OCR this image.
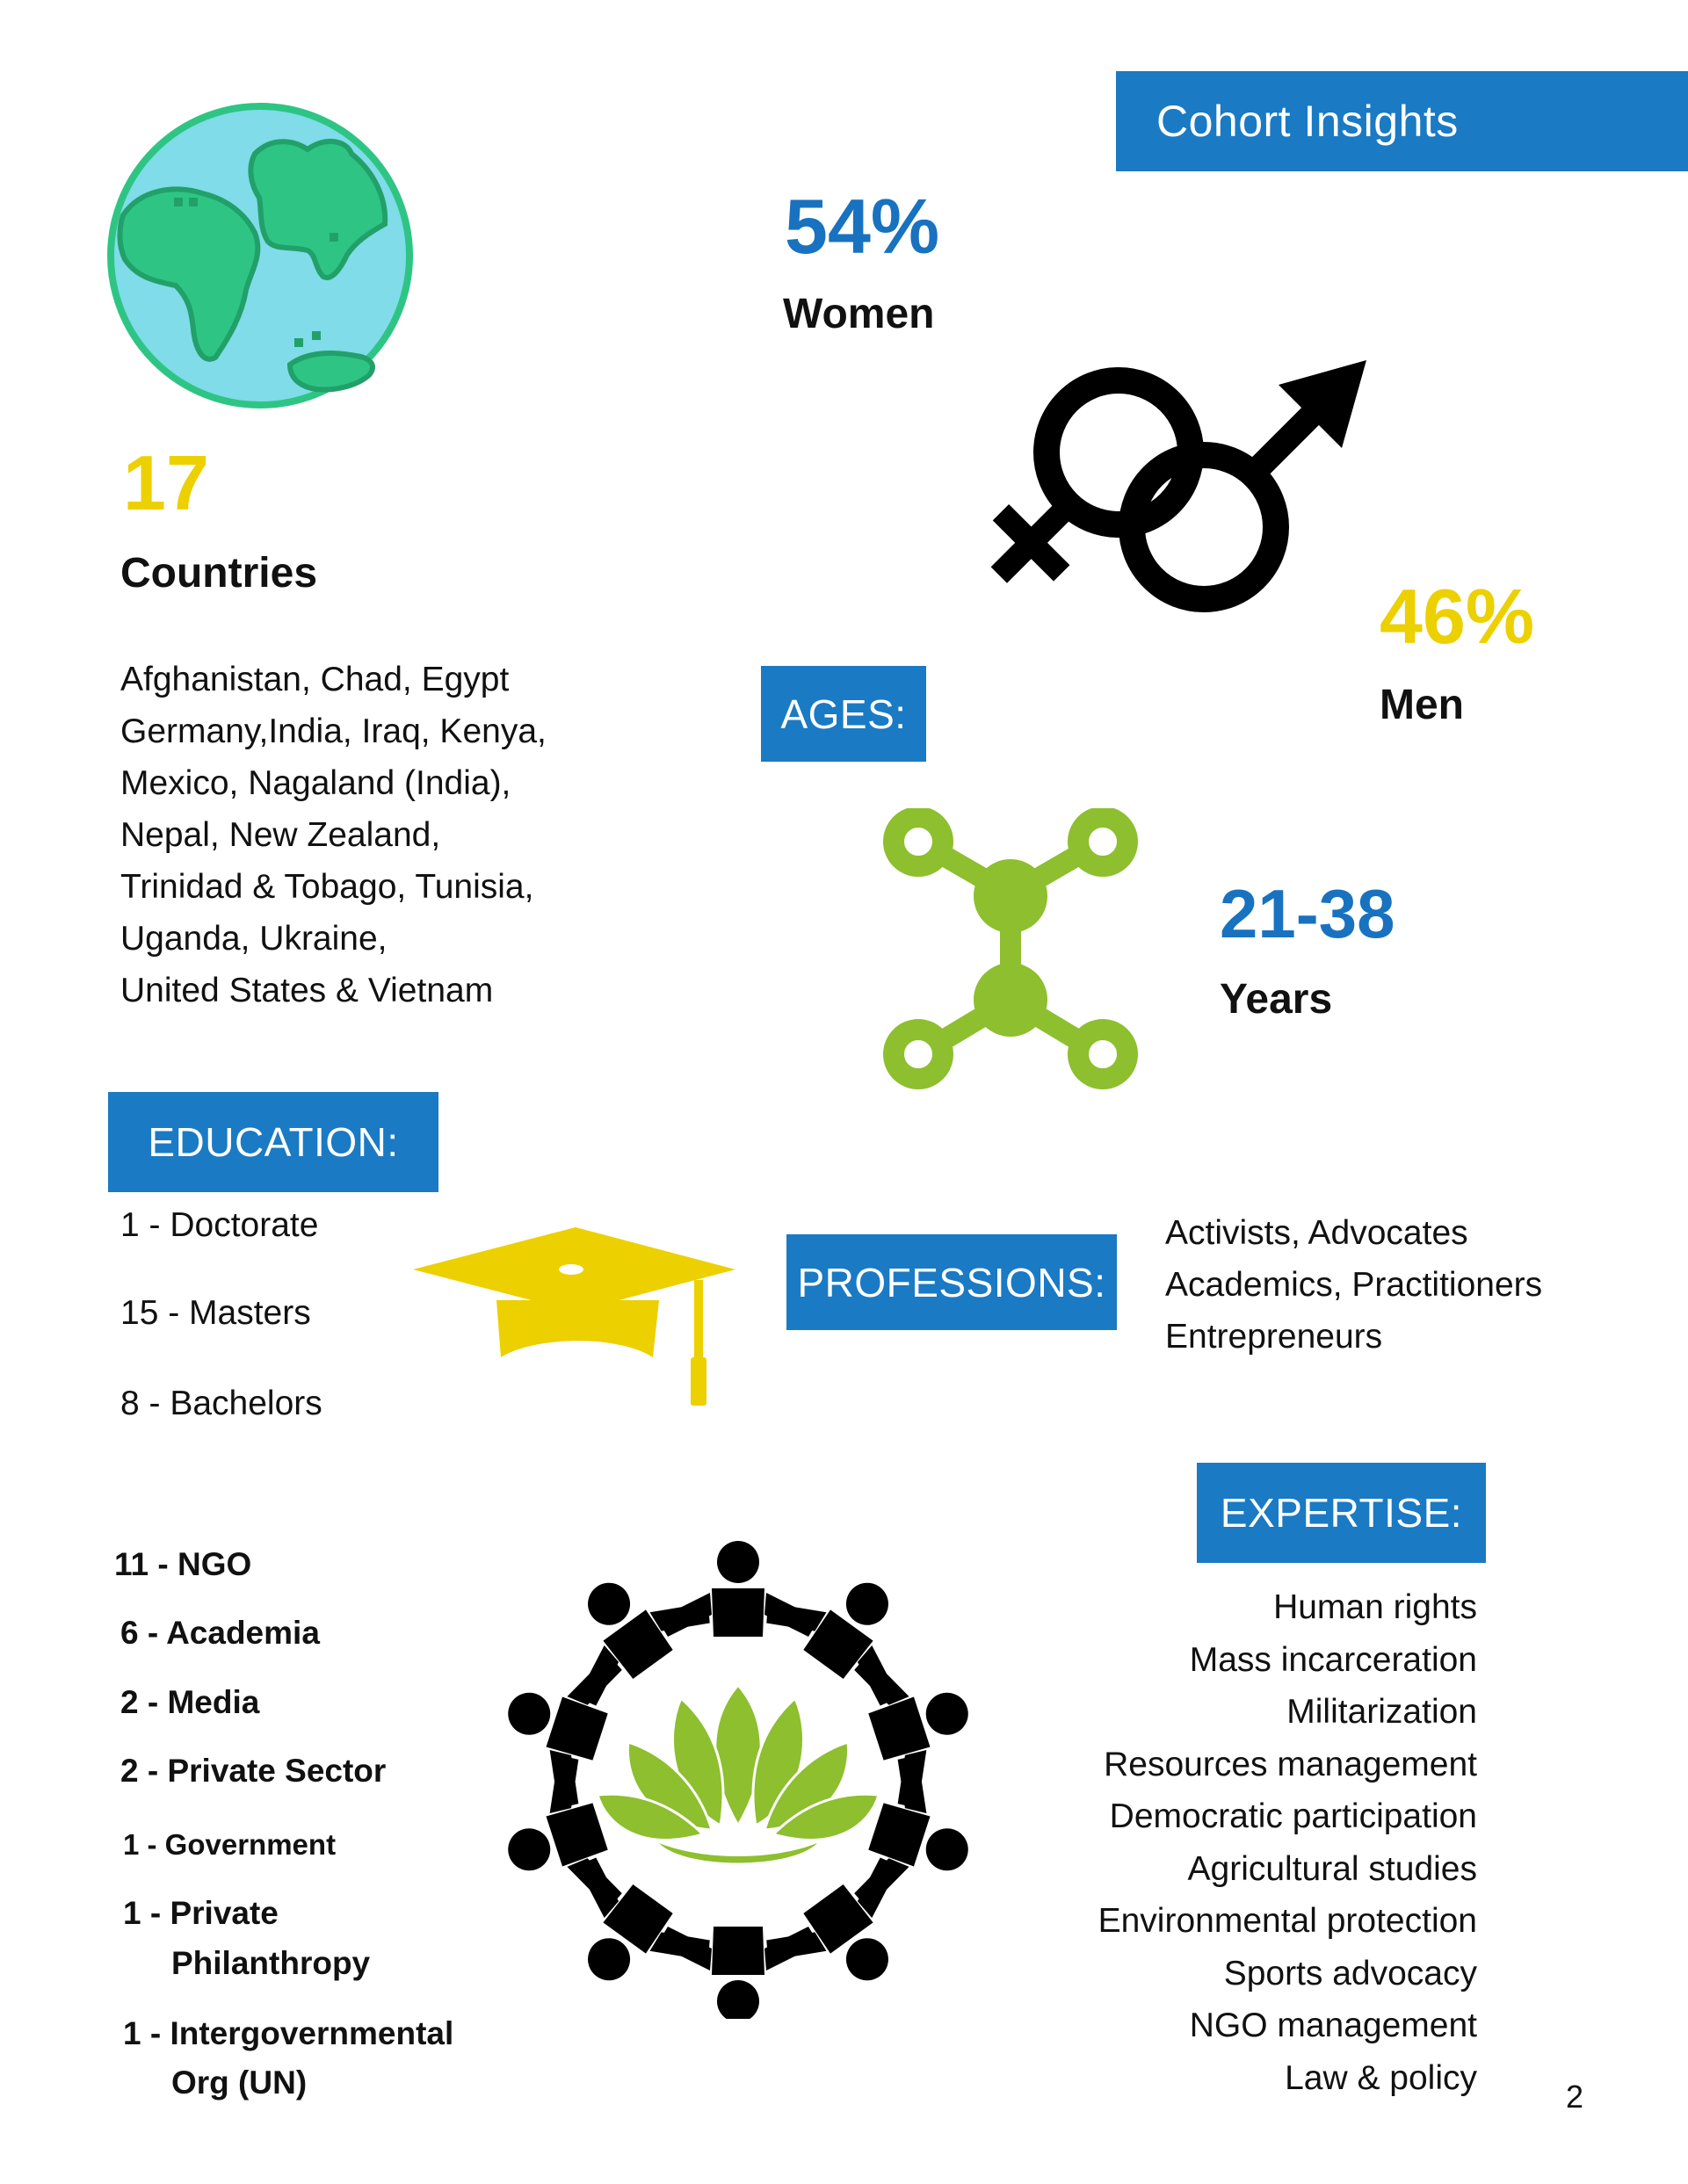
Cohort Insights
17
Countries
Afghanistan, Chad, Egypt
Germany,India, Iraq, Kenya,
Mexico, Nagaland (India),
Nepal, New Zealand,
Trinidad & Tobago, Tunisia,
Uganda, Ukraine,
United States & Vietnam
54%
Women
46%
Men
AGES:
21-38
Years
EDUCATION:
1 - Doctorate
15 - Masters
8 - Bachelors
PROFESSIONS:
Activists, Advocates
Academics, Practitioners
Entrepreneurs
EXPERTISE:
Human rights
Mass incarceration
Militarization
Resources management
Democratic participation
Agricultural studies
Environmental protection
Sports advocacy
NGO management
Law & policy
11 - NGO
6 - Academia
2 - Media
2 - Private Sector
1 - Government
1 - Private
Philanthropy
1 - Intergovernmental
Org (UN)	2
